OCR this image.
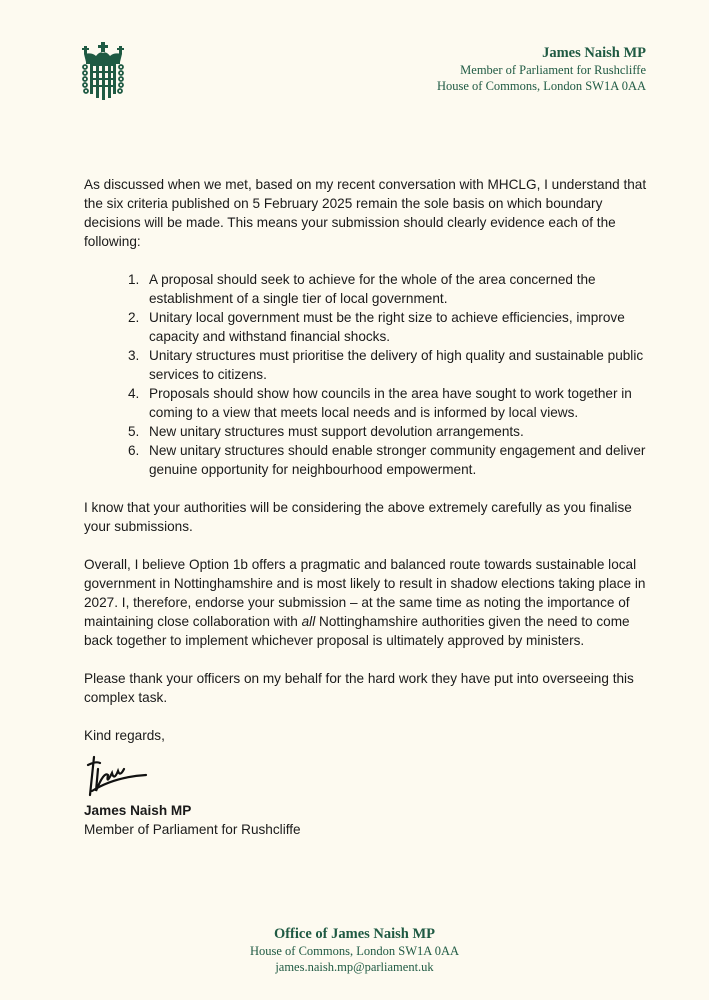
James Naish MP
Member of Parliament for Rushcliffe
House of Commons, London SW1A 0AA

As discussed when we met, based on my recent conversation with MHCLG, I understand that the six criteria published on 5 February 2025 remain the sole basis on which boundary decisions will be made. This means your submission should clearly evidence each of the following:

1. A proposal should seek to achieve for the whole of the area concerned the establishment of a single tier of local government.
2. Unitary local government must be the right size to achieve efficiencies, improve capacity and withstand financial shocks.
3. Unitary structures must prioritise the delivery of high quality and sustainable public services to citizens.
4. Proposals should show how councils in the area have sought to work together in coming to a view that meets local needs and is informed by local views.
5. New unitary structures must support devolution arrangements.
6. New unitary structures should enable stronger community engagement and deliver genuine opportunity for neighbourhood empowerment.

I know that your authorities will be considering the above extremely carefully as you finalise your submissions.

Overall, I believe Option 1b offers a pragmatic and balanced route towards sustainable local government in Nottinghamshire and is most likely to result in shadow elections taking place in 2027. I, therefore, endorse your submission – at the same time as noting the importance of maintaining close collaboration with all Nottinghamshire authorities given the need to come back together to implement whichever proposal is ultimately approved by ministers.

Please thank your officers on my behalf for the hard work they have put into overseeing this complex task.

Kind regards,
James Naish MP
Member of Parliament for Rushcliffe
Office of James Naish MP
House of Commons, London SW1A 0AA
james.naish.mp@parliament.uk
